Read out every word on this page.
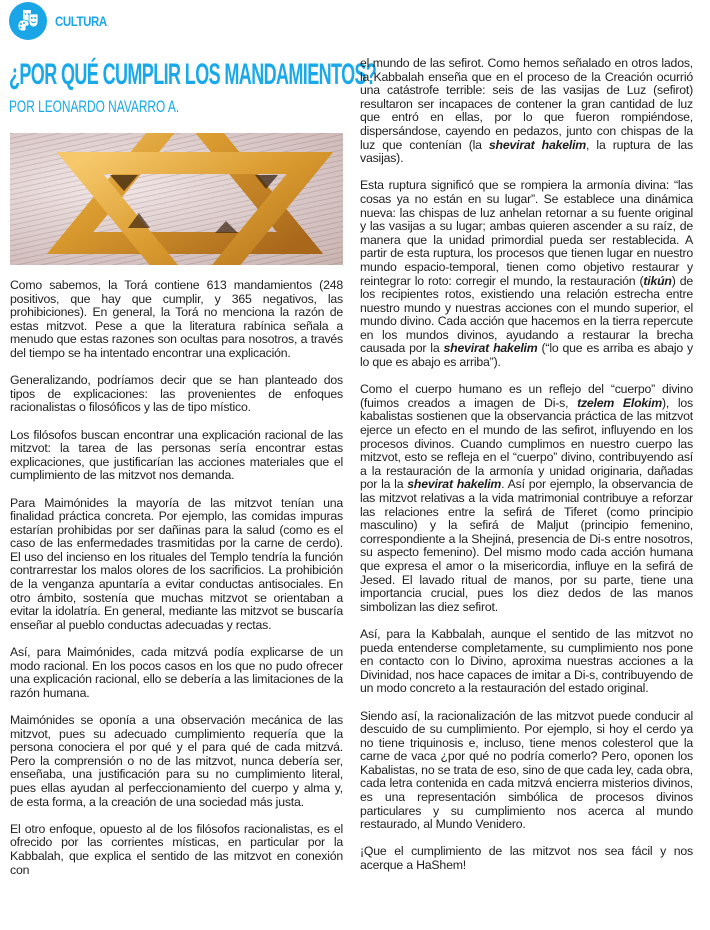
CULTURA
¿POR QUÉ CUMPLIR LOS MANDAMIENTOS?

POR LEONARDO NAVARRO A.

Como sabemos, la Torá contiene 613 mandamientos (248 positivos, que hay que cumplir, y 365 negativos, las prohibiciones). En general, la Torá no menciona la razón de estas mitzvot. Pese a que la literatura rabínica señala a menudo que estas razones son ocultas para nosotros, a través del tiempo se ha intentado encontrar una explicación.

Generalizando, podríamos decir que se han planteado dos tipos de explicaciones: las provenientes de enfoques racionalistas o filosóficos y las de tipo místico.

Los filósofos buscan encontrar una explicación racional de las mitzvot: la tarea de las personas sería encontrar estas explicaciones, que justificarían las acciones materiales que el cumplimiento de las mitzvot nos demanda.

Para Maimónides la mayoría de las mitzvot tenían una finalidad práctica concreta. Por ejemplo, las comidas impuras estarían prohibidas por ser dañinas para la salud (como es el caso de las enfermedades trasmitidas por la carne de cerdo). El uso del incienso en los rituales del Templo tendría la función contrarrestar los malos olores de los sacrificios. La prohibición de la venganza apuntaría a evitar conductas antisociales. En otro ámbito, sostenía que muchas mitzvot se orientaban a evitar la idolatría. En general, mediante las mitzvot se buscaría enseñar al pueblo conductas adecuadas y rectas.

Así, para Maimónides, cada mitzvá podía explicarse de un modo racional. En los pocos casos en los que no pudo ofrecer una explicación racional, ello se debería a las limitaciones de la razón humana.

Maimónides se oponía a una observación mecánica de las mitzvot, pues su adecuado cumplimiento requería que la persona conociera el por qué y el para qué de cada mitzvá. Pero la comprensión o no de las mitzvot, nunca debería ser, enseñaba, una justificación para su no cumplimiento literal, pues ellas ayudan al perfeccionamiento del cuerpo y alma y, de esta forma, a la creación de una sociedad más justa.

El otro enfoque, opuesto al de los filósofos racionalistas, es el ofrecido por las corrientes místicas, en particular por la Kabbalah, que explica el sentido de las mitzvot en conexión con

el mundo de las sefirot. Como hemos señalado en otros lados, la Kabbalah enseña que en el proceso de la Creación ocurrió una catástrofe terrible: seis de las vasijas de Luz (sefirot) resultaron ser incapaces de contener la gran cantidad de luz que entró en ellas, por lo que fueron rompiéndose, dispersándose, cayendo en pedazos, junto con chispas de la luz que contenían (la shevirat hakelim, la ruptura de las vasijas).

Esta ruptura significó que se rompiera la armonía divina: “las cosas ya no están en su lugar”. Se establece una dinámica nueva: las chispas de luz anhelan retornar a su fuente original y las vasijas a su lugar; ambas quieren ascender a su raíz, de manera que la unidad primordial pueda ser restablecida. A partir de esta ruptura, los procesos que tienen lugar en nuestro mundo espacio-temporal, tienen como objetivo restaurar y reintegrar lo roto: corregir el mundo, la restauración (tikún) de los recipientes rotos, existiendo una relación estrecha entre nuestro mundo y nuestras acciones con el mundo superior, el mundo divino. Cada acción que hacemos en la tierra repercute en los mundos divinos, ayudando a restaurar la brecha causada por la shevirat hakelim (“lo que es arriba es abajo y lo que es abajo es arriba”).

Como el cuerpo humano es un reflejo del “cuerpo” divino (fuimos creados a imagen de Di-s, tzelem Elokim), los kabalistas sostienen que la observancia práctica de las mitzvot ejerce un efecto en el mundo de las sefirot, influyendo en los procesos divinos. Cuando cumplimos en nuestro cuerpo las mitzvot, esto se refleja en el “cuerpo” divino, contribuyendo así a la restauración de la armonía y unidad originaria, dañadas por la la shevirat hakelim. Así por ejemplo, la observancia de las mitzvot relativas a la vida matrimonial contribuye a reforzar las relaciones entre la sefirá de Tiferet (como principio masculino) y la sefirá de Maljut (principio femenino, correspondiente a la Shejiná, presencia de Di-s entre nosotros, su aspecto femenino). Del mismo modo cada acción humana que expresa el amor o la misericordia, influye en la sefirá de Jesed. El lavado ritual de manos, por su parte, tiene una importancia crucial, pues los diez dedos de las manos simbolizan las diez sefirot.

Así, para la Kabbalah, aunque el sentido de las mitzvot no pueda entenderse completamente, su cumplimiento nos pone en contacto con lo Divino, aproxima nuestras acciones a la Divinidad, nos hace capaces de imitar a Di-s, contribuyendo de un modo concreto a la restauración del estado original.

Siendo así, la racionalización de las mitzvot puede conducir al descuido de su cumplimiento. Por ejemplo, si hoy el cerdo ya no tiene triquinosis e, incluso, tiene menos colesterol que la carne de vaca ¿por qué no podría comerlo? Pero, oponen los Kabalistas, no se trata de eso, sino de que cada ley, cada obra, cada letra contenida en cada mitzvá encierra misterios divinos, es una representación simbólica de procesos divinos particulares y su cumplimiento nos acerca al mundo restaurado, al Mundo Venidero.

¡Que el cumplimiento de las mitzvot nos sea fácil y nos acerque a HaShem!
